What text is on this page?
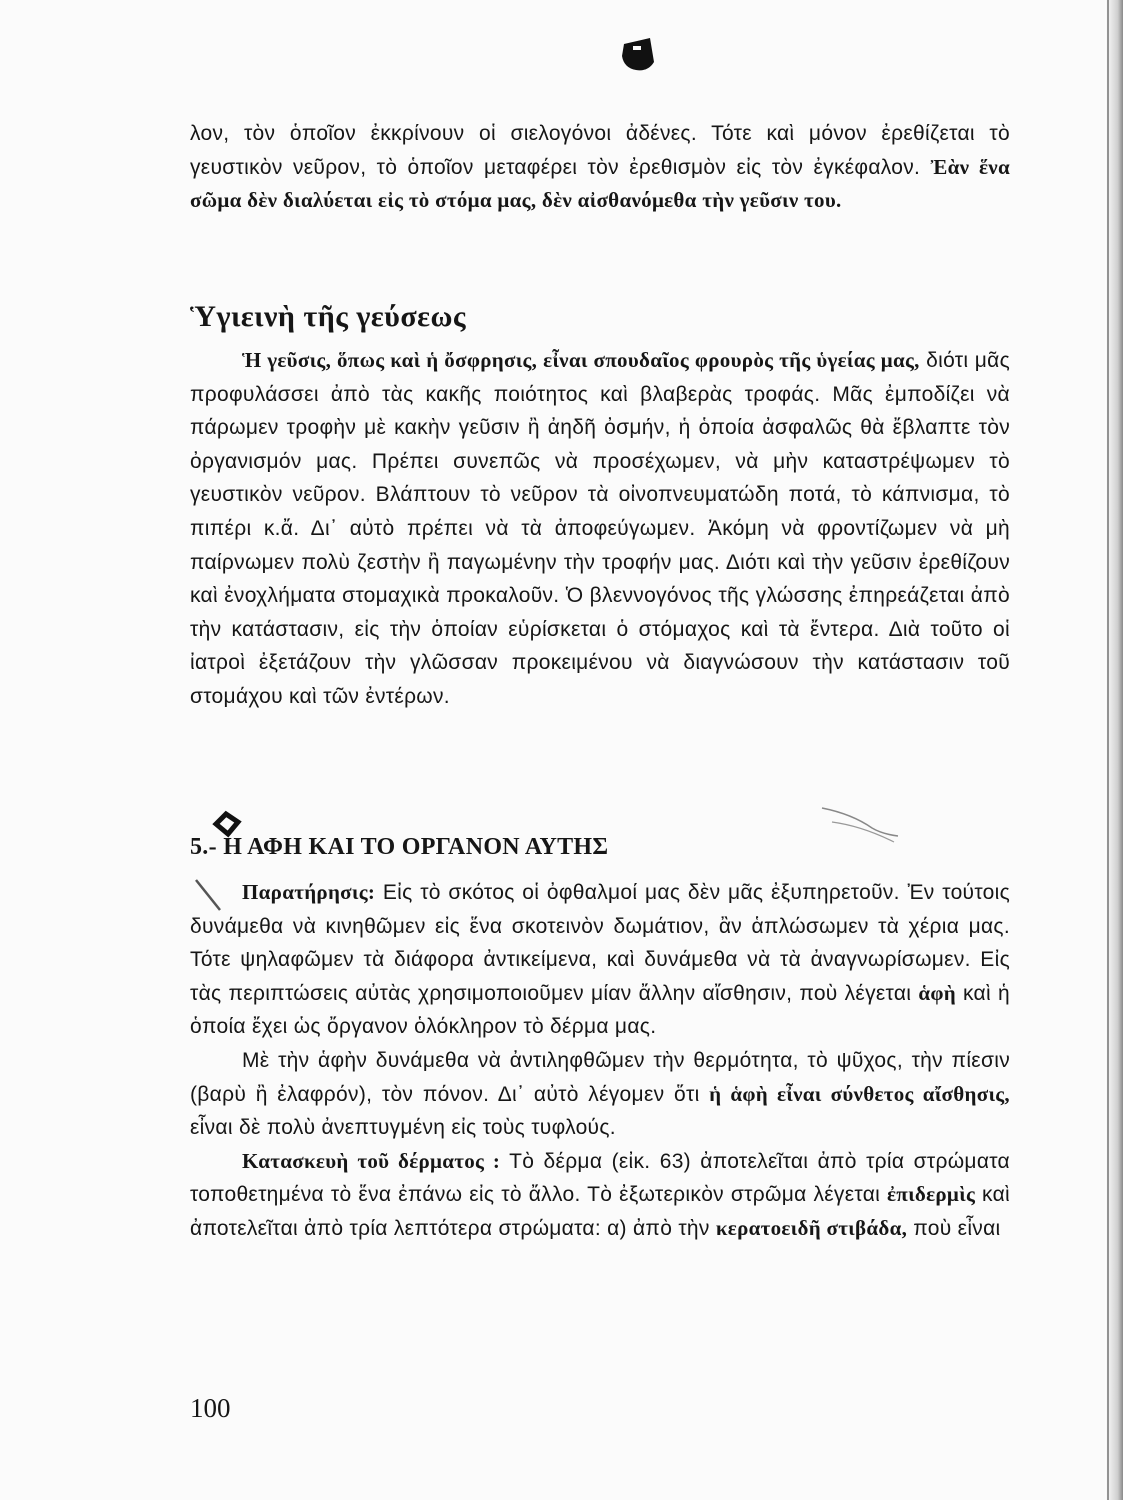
λον, τὸν ὁποῖον ἐκκρίνουν οἱ σιελογόνοι ἀδένες. Τότε καὶ μόνον ἐρεθίζεται τὸ γευστικὸν νεῦρον, τὸ ὁποῖον μεταφέρει τὸν ἐρεθισμὸν εἰς τὸν ἐγκέφαλον. Ἐὰν ἕνα σῶμα δὲν διαλύεται εἰς τὸ στόμα μας, δὲν αἰσθανόμεθα τὴν γεῦσιν του.

Ὑγιεινὴ τῆς γεύσεως

Ἡ γεῦσις, ὅπως καὶ ἡ ὄσφρησις, εἶναι σπουδαῖος φρουρὸς τῆς ὑγείας μας, διότι μᾶς προφυλάσσει ἀπὸ τὰς κακῆς ποιότητος καὶ βλαβερὰς τροφάς. Μᾶς ἐμποδίζει νὰ πάρωμεν τροφὴν μὲ κακὴν γεῦσιν ἢ ἀηδῆ ὀσμήν, ἡ ὁποία ἀσφαλῶς θὰ ἔβλαπτε τὸν ὀργανισμόν μας. Πρέπει συνεπῶς νὰ προσέχωμεν, νὰ μὴν καταστρέψωμεν τὸ γευστικὸν νεῦρον. Βλάπτουν τὸ νεῦρον τὰ οἰνοπνευματώδη ποτά, τὸ κάπνισμα, τὸ πιπέρι κ.ἄ. Δι᾽ αὐτὸ πρέπει νὰ τὰ ἀποφεύγωμεν. Ἀκόμη νὰ φροντίζωμεν νὰ μὴ παίρνωμεν πολὺ ζεστὴν ἢ παγωμένην τὴν τροφήν μας. Διότι καὶ τὴν γεῦσιν ἐρεθίζουν καὶ ἐνοχλήματα στομαχικὰ προκαλοῦν. Ὁ βλεννογόνος τῆς γλώσσης ἐπηρεάζεται ἀπὸ τὴν κατάστασιν, εἰς τὴν ὁποίαν εὑρίσκεται ὁ στόμαχος καὶ τὰ ἔντερα. Διὰ τοῦτο οἱ ἰατροὶ ἐξετάζουν τὴν γλῶσσαν προκειμένου νὰ διαγνώσουν τὴν κατάστασιν τοῦ στομάχου καὶ τῶν ἐντέρων.

5.- Η ΑΦΗ ΚΑΙ ΤΟ ΟΡΓΑΝΟΝ ΑΥΤΗΣ

Παρατήρησις: Εἰς τὸ σκότος οἱ ὀφθαλμοί μας δὲν μᾶς ἐξυπηρετοῦν. Ἐν τούτοις δυνάμεθα νὰ κινηθῶμεν εἰς ἕνα σκοτεινὸν δωμάτιον, ἂν ἁπλώσωμεν τὰ χέρια μας. Τότε ψηλαφῶμεν τὰ διάφορα ἀντικείμενα, καὶ δυνάμεθα νὰ τὰ ἀναγνωρίσωμεν. Εἰς τὰς περιπτώσεις αὐτὰς χρησιμοποιοῦμεν μίαν ἄλλην αἴσθησιν, ποὺ λέγεται ἁφὴ καὶ ἡ ὁποία ἔχει ὡς ὄργανον ὁλόκληρον τὸ δέρμα μας.

Μὲ τὴν ἁφὴν δυνάμεθα νὰ ἀντιληφθῶμεν τὴν θερμότητα, τὸ ψῦχος, τὴν πίεσιν (βαρὺ ἢ ἐλαφρόν), τὸν πόνον. Δι᾽ αὐτὸ λέγομεν ὅτι ἡ ἁφὴ εἶναι σύνθετος αἴσθησις, εἶναι δὲ πολὺ ἀνεπτυγμένη εἰς τοὺς τυφλούς.

Κατασκευὴ τοῦ δέρματος : Τὸ δέρμα (εἰκ. 63) ἀποτελεῖται ἀπὸ τρία στρώματα τοποθετημένα τὸ ἕνα ἐπάνω εἰς τὸ ἄλλο. Τὸ ἐξωτερικὸν στρῶμα λέγεται ἐπιδερμὶς καὶ ἀποτελεῖται ἀπὸ τρία λεπτότερα στρώματα: α) ἀπὸ τὴν κερατοειδῆ στιβάδα, ποὺ εἶναι

100
